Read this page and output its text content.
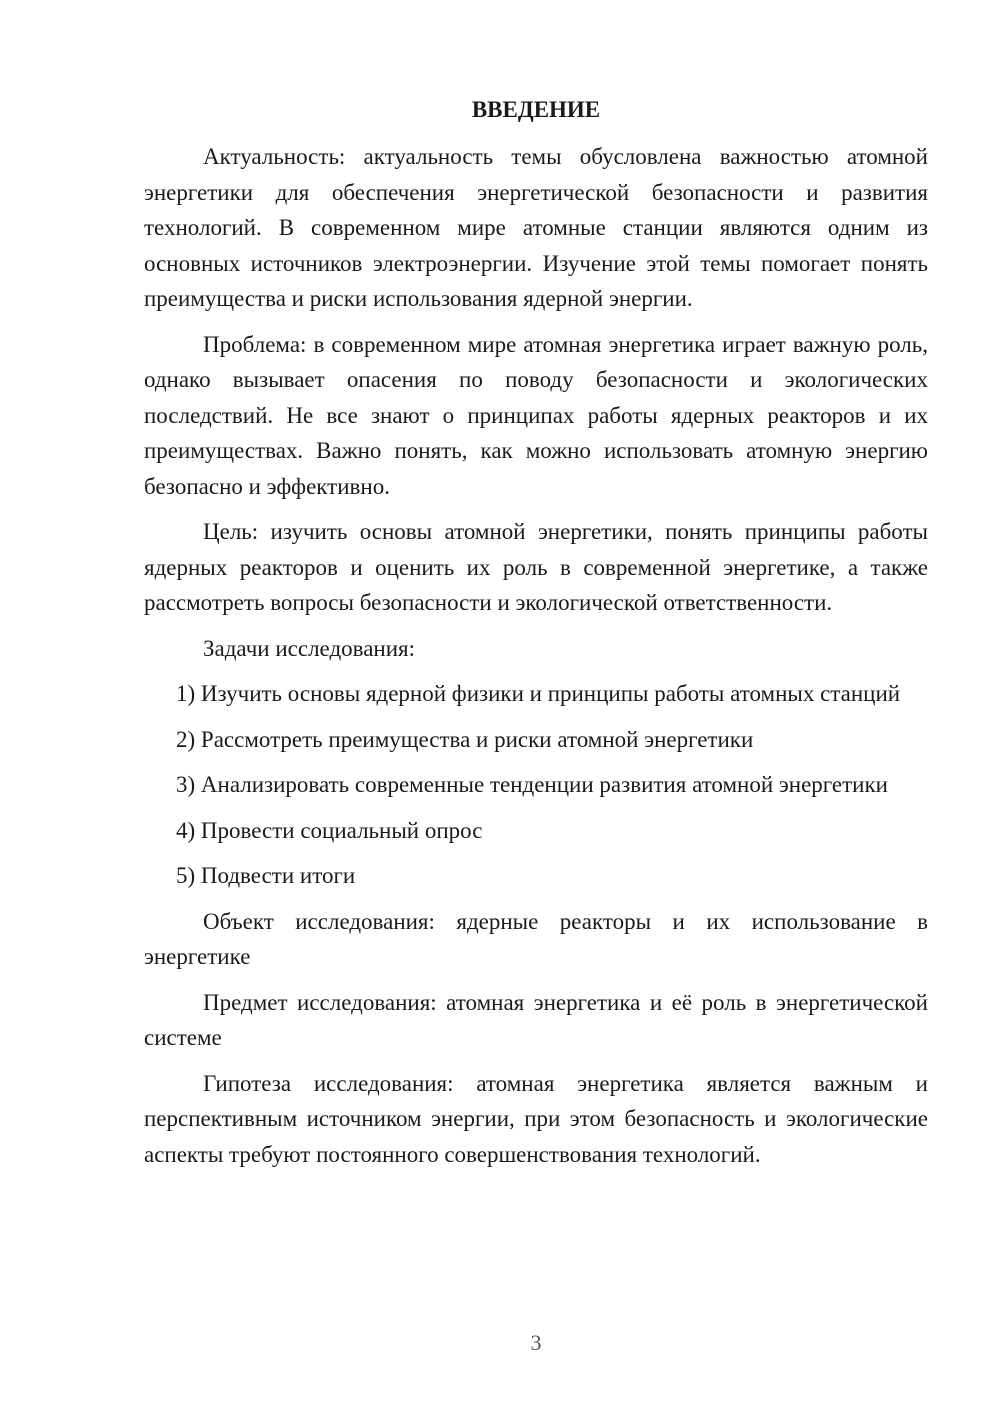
ВВЕДЕНИЕ

Актуальность: актуальность темы обусловлена важностью атомной энергетики для обеспечения энергетической безопасности и развития технологий. В современном мире атомные станции являются одним из основных источников электроэнергии. Изучение этой темы помогает понять преимущества и риски использования ядерной энергии.

Проблема: в современном мире атомная энергетика играет важную роль, однако вызывает опасения по поводу безопасности и экологических последствий. Не все знают о принципах работы ядерных реакторов и их преимуществах. Важно понять, как можно использовать атомную энергию безопасно и эффективно.

Цель: изучить основы атомной энергетики, понять принципы работы ядерных реакторов и оценить их роль в современной энергетике, а также рассмотреть вопросы безопасности и экологической ответственности.

Задачи исследования:

1) Изучить основы ядерной физики и принципы работы атомных станций

2) Рассмотреть преимущества и риски атомной энергетики

3) Анализировать современные тенденции развития атомной энергетики

4) Провести социальный опрос

5) Подвести итоги

Объект исследования: ядерные реакторы и их использование в энергетике

Предмет исследования: атомная энергетика и её роль в энергетической системе

Гипотеза исследования: атомная энергетика является важным и перспективным источником энергии, при этом безопасность и экологические аспекты требуют постоянного совершенствования технологий.

3
